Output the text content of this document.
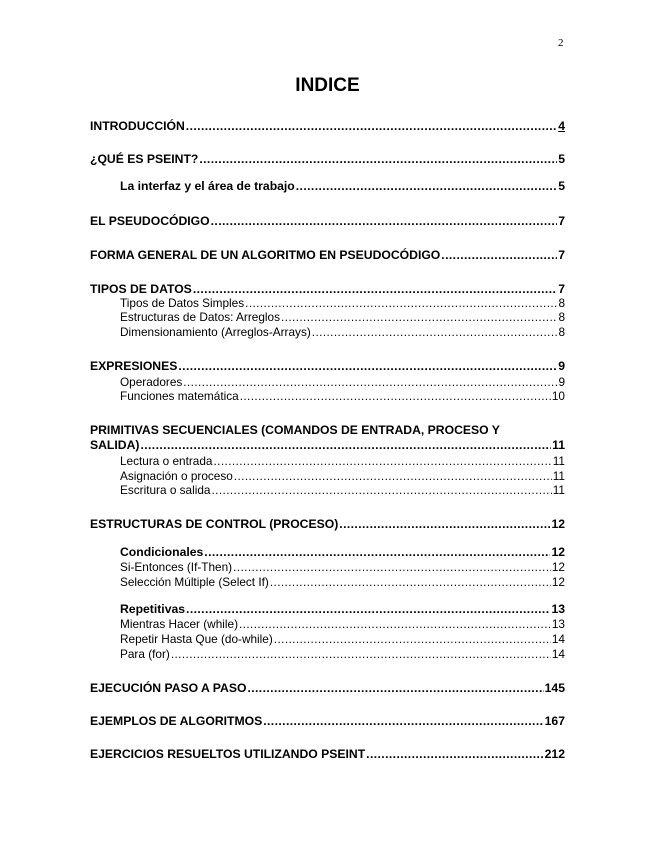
2
INDICE
INTRODUCCIÓN .....	4
¿QUÉ ES PSEINT? .....	5
La interfaz y el área de trabajo .....	5
EL PSEUDOCÓDIGO .....	7
FORMA GENERAL DE UN ALGORITMO EN PSEUDOCÓDIGO .....	7
TIPOS DE DATOS .....	7
Tipos de Datos Simples .....	8
Estructuras de Datos: Arreglos .....	8
Dimensionamiento (Arreglos-Arrays) .....	8
EXPRESIONES .....	9
Operadores .....	9
Funciones matemática .....	10
PRIMITIVAS SECUENCIALES (COMANDOS DE ENTRADA, PROCESO Y
SALIDA) .....	11
Lectura o entrada .....	11
Asignación o proceso .....	11
Escritura o salida .....	11
ESTRUCTURAS DE CONTROL (PROCESO) .....	12
Condicionales .....	12
Si-Entonces (If-Then) .....	12
Selección Múltiple (Select If) .....	12
Repetitivas .....	13
Mientras Hacer (while) .....	13
Repetir Hasta Que (do-while) .....	14
Para (for) .....	14
EJECUCIÓN PASO A PASO .....	145
EJEMPLOS DE ALGORITMOS .....	167
EJERCICIOS RESUELTOS UTILIZANDO PSEINT .....	212
